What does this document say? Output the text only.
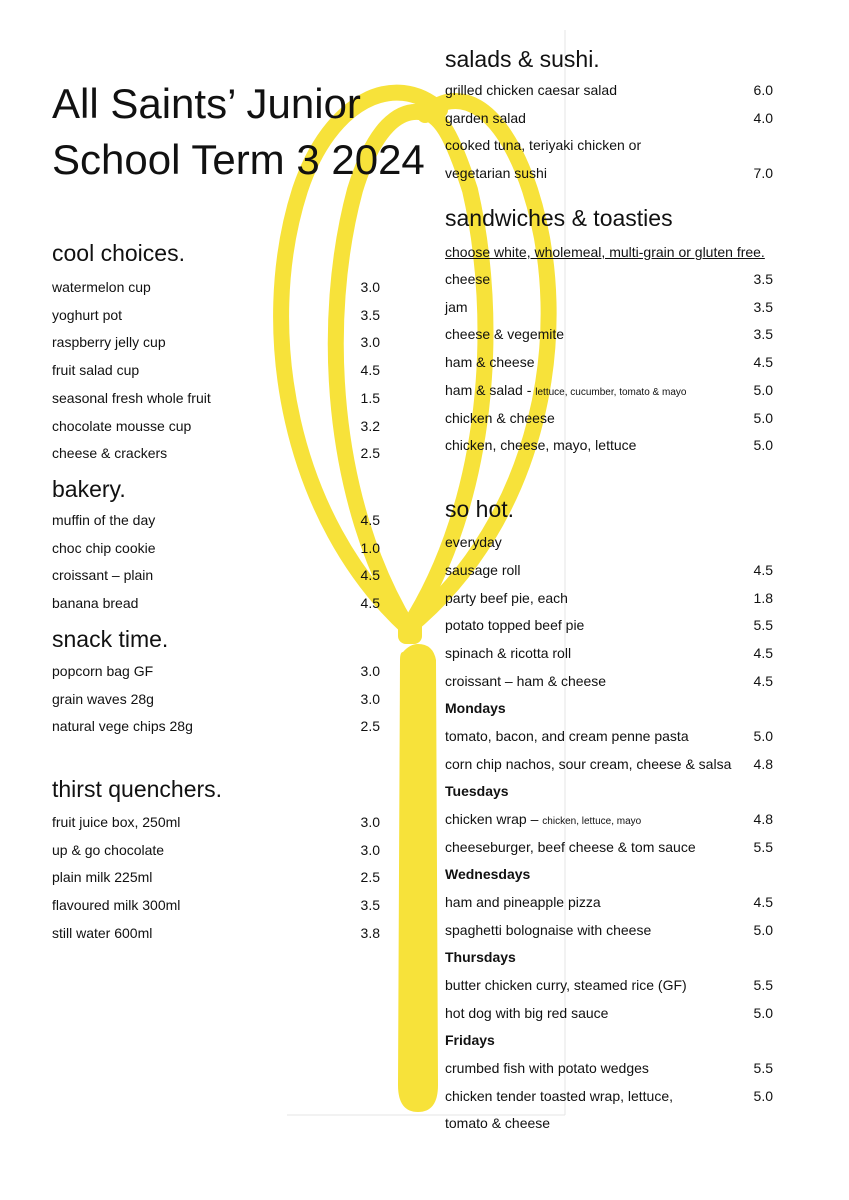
All Saints’ Junior School Term 3 2024
cool choices.
watermelon cup	3.0
yoghurt pot	3.5
raspberry jelly cup	3.0
fruit salad cup	4.5
seasonal fresh whole fruit	1.5
chocolate mousse cup	3.2
cheese & crackers	2.5
bakery.
muffin of the day	4.5
choc chip cookie	1.0
croissant – plain	4.5
banana bread	4.5
snack time.
popcorn bag GF	3.0
grain waves 28g	3.0
natural vege chips 28g	2.5
thirst quenchers.
fruit juice box, 250ml	3.0
up & go chocolate	3.0
plain milk 225ml	2.5
flavoured milk 300ml	3.5
still water 600ml	3.8
salads & sushi.
grilled chicken caesar salad	6.0
garden salad	4.0
cooked tuna, teriyaki chicken or
vegetarian sushi	7.0
sandwiches & toasties
choose white, wholemeal, multi-grain or gluten free.
cheese	3.5
jam	3.5
cheese & vegemite	3.5
ham & cheese	4.5
ham & salad - lettuce, cucumber, tomato & mayo	5.0
chicken & cheese	5.0
chicken, cheese, mayo, lettuce	5.0
so hot.
everyday
sausage roll	4.5
party beef pie, each	1.8
potato topped beef pie	5.5
spinach & ricotta roll	4.5
croissant – ham & cheese	4.5
Mondays
tomato, bacon, and cream penne pasta	5.0
corn chip nachos, sour cream, cheese & salsa 4.8
Tuesdays
chicken wrap – chicken, lettuce, mayo	4.8
cheeseburger, beef cheese & tom sauce	5.5
Wednesdays
ham and pineapple pizza	4.5
spaghetti bolognaise with cheese	5.0
Thursdays
butter chicken curry, steamed rice (GF)	5.5
hot dog with big red sauce	5.0
Fridays
crumbed fish with potato wedges	5.5
chicken tender toasted wrap, lettuce,	5.0
tomato & cheese
